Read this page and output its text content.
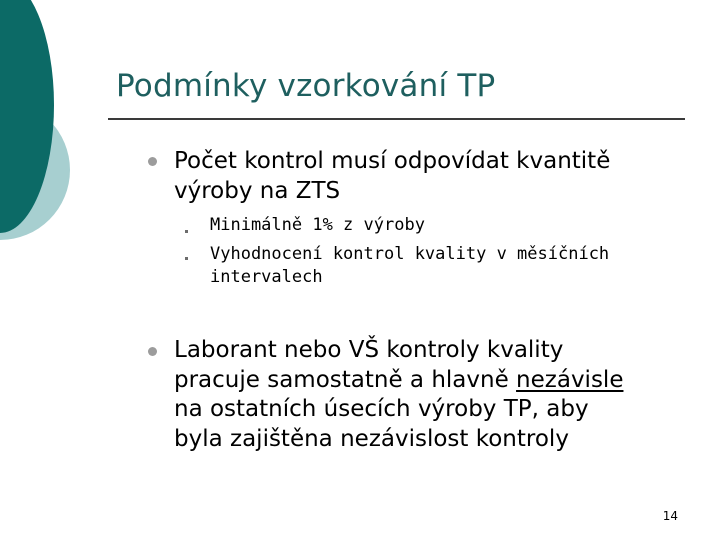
Podmínky vzorkování TP
Počet kontrol musí odpovídat kvantitě
výroby na ZTS
Minimálně 1% z výroby
Vyhodnocení kontrol kvality v měsíčních
intervalech
Laborant nebo VŠ kontroly kvality
pracuje samostatně a hlavně nezávisle
na ostatních úsecích výroby TP, aby
byla zajištěna nezávislost kontroly
14
